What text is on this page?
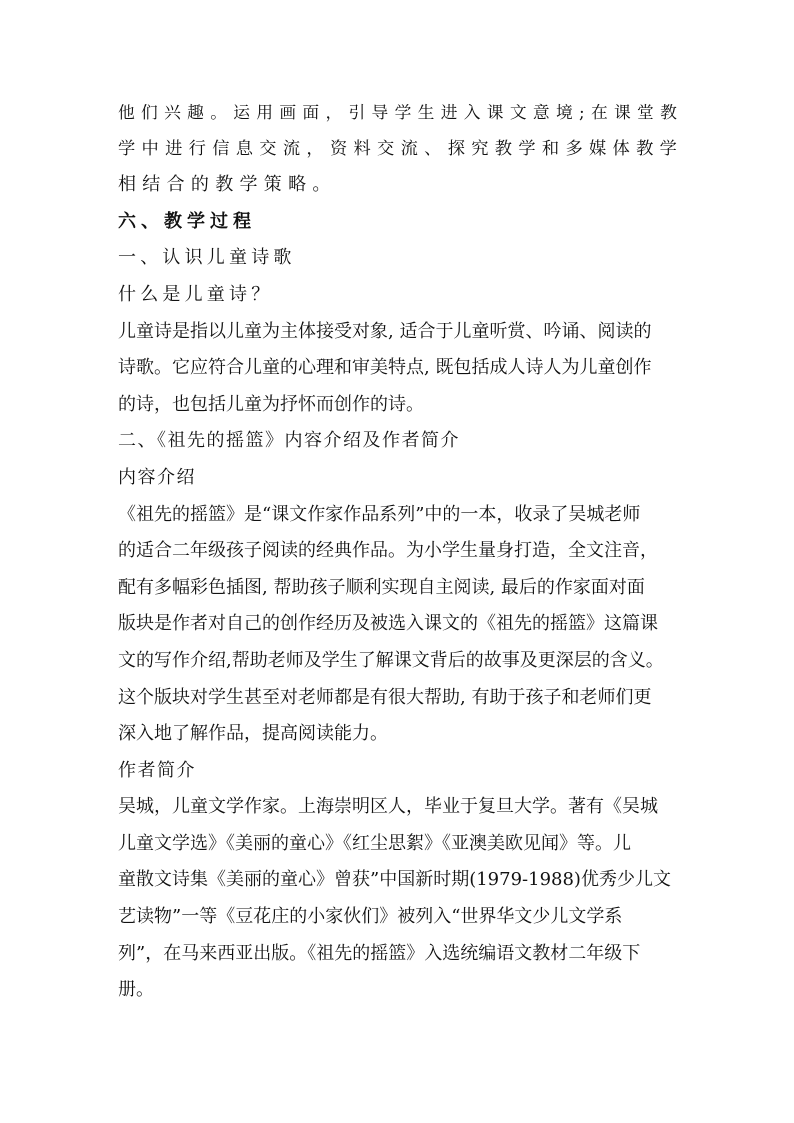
他们兴趣。运用画面，引导学生进入课文意境;在课堂教
学中进行信息交流，资料交流、探究教学和多媒体教学
相结合的教学策略。
六、教学过程
一、认识儿童诗歌
什么是儿童诗？
儿童诗是指以儿童为主体接受对象, 适合于儿童听赏、吟诵、阅读的
诗歌。它应符合儿童的心理和审美特点, 既包括成人诗人为儿童创作
的诗，也包括儿童为抒怀而创作的诗。
二、《祖先的摇篮》内容介绍及作者简介
内容介绍
《祖先的摇篮》是“课文作家作品系列”中的一本，收录了吴城老师
的适合二年级孩子阅读的经典作品。为小学生量身打造，全文注音，
配有多幅彩色插图, 帮助孩子顺利实现自主阅读, 最后的作家面对面
版块是作者对自己的创作经历及被选入课文的《祖先的摇篮》这篇课
文的写作介绍,帮助老师及学生了解课文背后的故事及更深层的含义。
这个版块对学生甚至对老师都是有很大帮助, 有助于孩子和老师们更
深入地了解作品，提高阅读能力。
作者简介
吴城，儿童文学作家。上海崇明区人，毕业于复旦大学。著有《吴城
儿童文学选》《美丽的童心》《红尘思絮》《亚澳美欧见闻》等。儿
童散文诗集《美丽的童心》曾获”中国新时期(1979-1988)优秀少儿文
艺读物”一等《豆花庄的小家伙们》被列入“世界华文少儿文学系
列”，在马来西亚出版。《祖先的摇篮》入选统编语文教材二年级下
册。
